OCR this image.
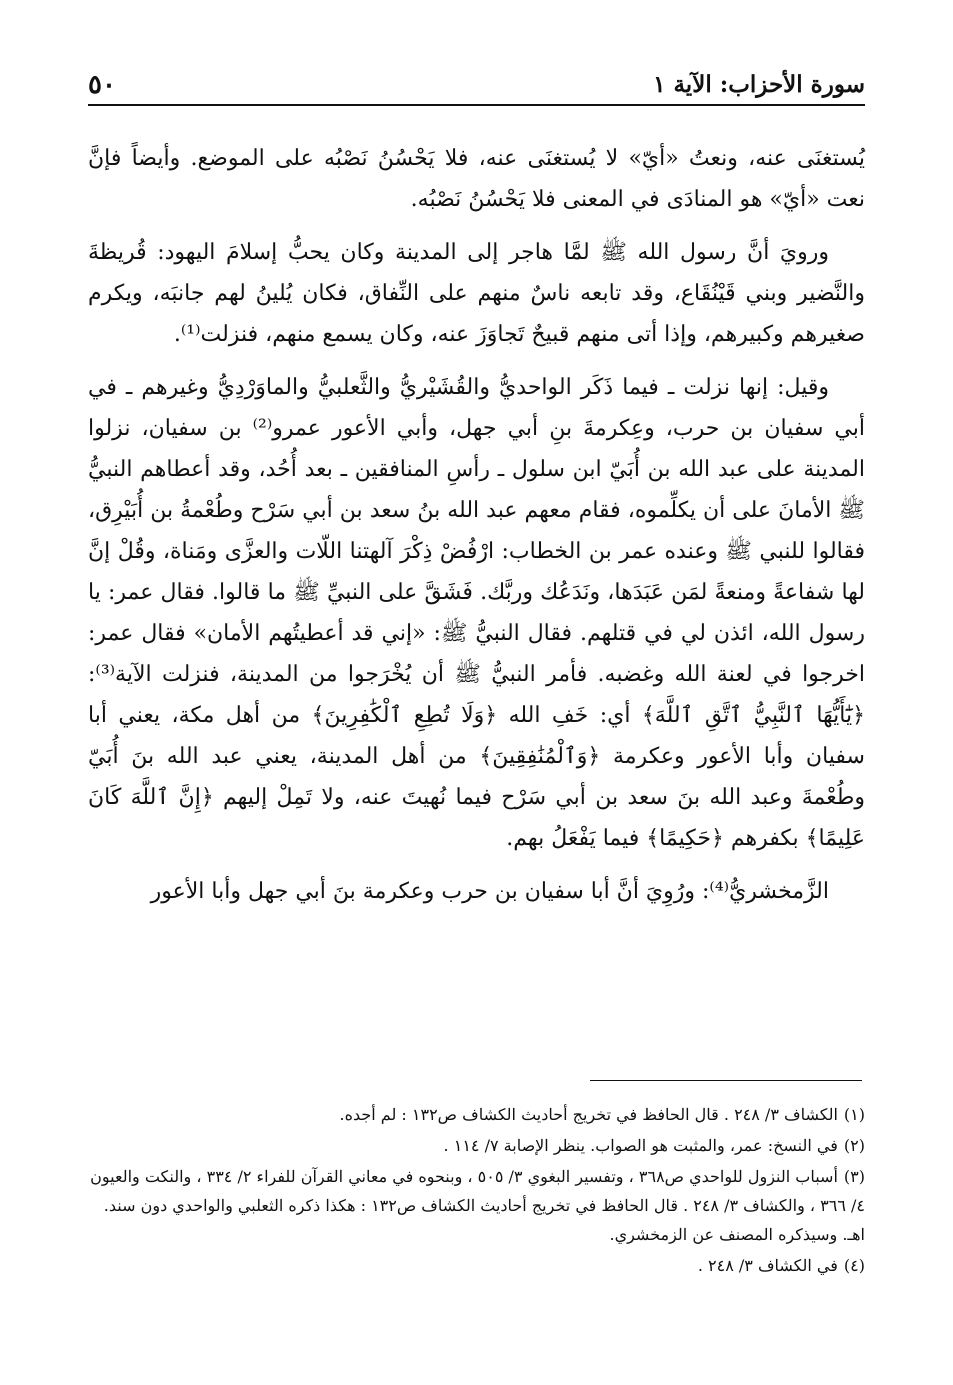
٥٠	سورة الأحزاب: الآية ١

يُستغنَى عنه، ونعتُ «أيّ» لا يُستغنَى عنه، فلا يَحْسُنُ نَصْبُه على الموضع. وأيضاً فإنَّ نعت «أيّ» هو المنادَى في المعنى فلا يَحْسُنُ نَصْبُه.

ورويَ أنَّ رسول الله ﷺ لمَّا هاجر إلى المدينة وكان يحبُّ إسلامَ اليهود: قُريظةَ والنَّضير وبني قَيْنُقَاع، وقد تابعه ناسٌ منهم على النِّفاق، فكان يُلينُ لهم جانبَه، ويكرم صغيرهم وكبيرهم، وإذا أتى منهم قبيحٌ تَجاوَزَ عنه، وكان يسمع منهم، فنزلت⁽¹⁾.

وقيل: إنها نزلت ـ فيما ذَكَر الواحديُّ والقُشَيْريُّ والثَّعلبيُّ والماوَرْدِيُّ وغيرهم ـ في أبي سفيان بن حرب، وعِكرمةَ بنِ أبي جهل، وأبي الأعور عمرو⁽²⁾ بن سفيان، نزلوا المدينة على عبد الله بن أُبَيّ ابن سلول ـ رأسِ المنافقين ـ بعد أُحُد، وقد أعطاهم النبيُّ ﷺ الأمانَ على أن يكلِّموه، فقام معهم عبد الله بنُ سعد بن أبي سَرْح وطُعْمةُ بن أُبَيْرِق، فقالوا للنبي ﷺ وعنده عمر بن الخطاب: ارْفُضْ ذِكْرَ آلهتنا اللّات والعزَّى ومَناة، وقُلْ إنَّ لها شفاعةً ومنعةً لمَن عَبَدَها، ونَدَعُك وربَّك. فَشَقَّ على النبيِّ ﷺ ما قالوا. فقال عمر: يا رسول الله، ائذن لي في قتلهم. فقال النبيُّ ﷺ: «إني قد أعطيتُهم الأمان» فقال عمر: اخرجوا في لعنة الله وغضبه. فأمر النبيُّ ﷺ أن يُخْرَجوا من المدينة، فنزلت الآية⁽³⁾: ﴿يَٰٓأَيُّهَا ٱلنَّبِيُّ ٱتَّقِ ٱللَّهَ﴾ أي: خَفِ الله ﴿وَلَا تُطِعِ ٱلْكَٰفِرِينَ﴾ من أهل مكة، يعني أبا سفيان وأبا الأعور وعكرمة ﴿وَٱلْمُنَٰفِقِينَ﴾ من أهل المدينة، يعني عبد الله بنَ أُبَيّ وطُعْمةَ وعبد الله بنَ سعد بن أبي سَرْح فيما نُهيتَ عنه، ولا تَمِلْ إليهم ﴿إِنَّ ٱللَّهَ كَانَ عَلِيمًا﴾ بكفرهم ﴿حَكِيمًا﴾ فيما يَفْعَلُ بهم.

الزَّمخشريُّ⁽⁴⁾: ورُوِيَ أنَّ أبا سفيان بن حرب وعكرمة بنَ أبي جهل وأبا الأعور

(١)الكشاف ٣/ ٢٤٨ . قال الحافظ في تخريج أحاديث الكشاف ص١٣٢ : لم أجده.
(٢)في النسخ: عمر، والمثبت هو الصواب. ينظر الإصابة ٧/ ١١٤ .
(٣)أسباب النزول للواحدي ص٣٦٨ ، وتفسير البغوي ٣/ ٥٠٥ ، وبنحوه في معاني القرآن للفراء ٢/ ٣٣٤ ، والنكت والعيون ٤/ ٣٦٦ ، والكشاف ٣/ ٢٤٨ . قال الحافظ في تخريج أحاديث الكشاف ص١٣٢ : هكذا ذكره الثعلبي والواحدي دون سند. اهـ. وسيذكره المصنف عن الزمخشري.
(٤)في الكشاف ٣/ ٢٤٨ .
